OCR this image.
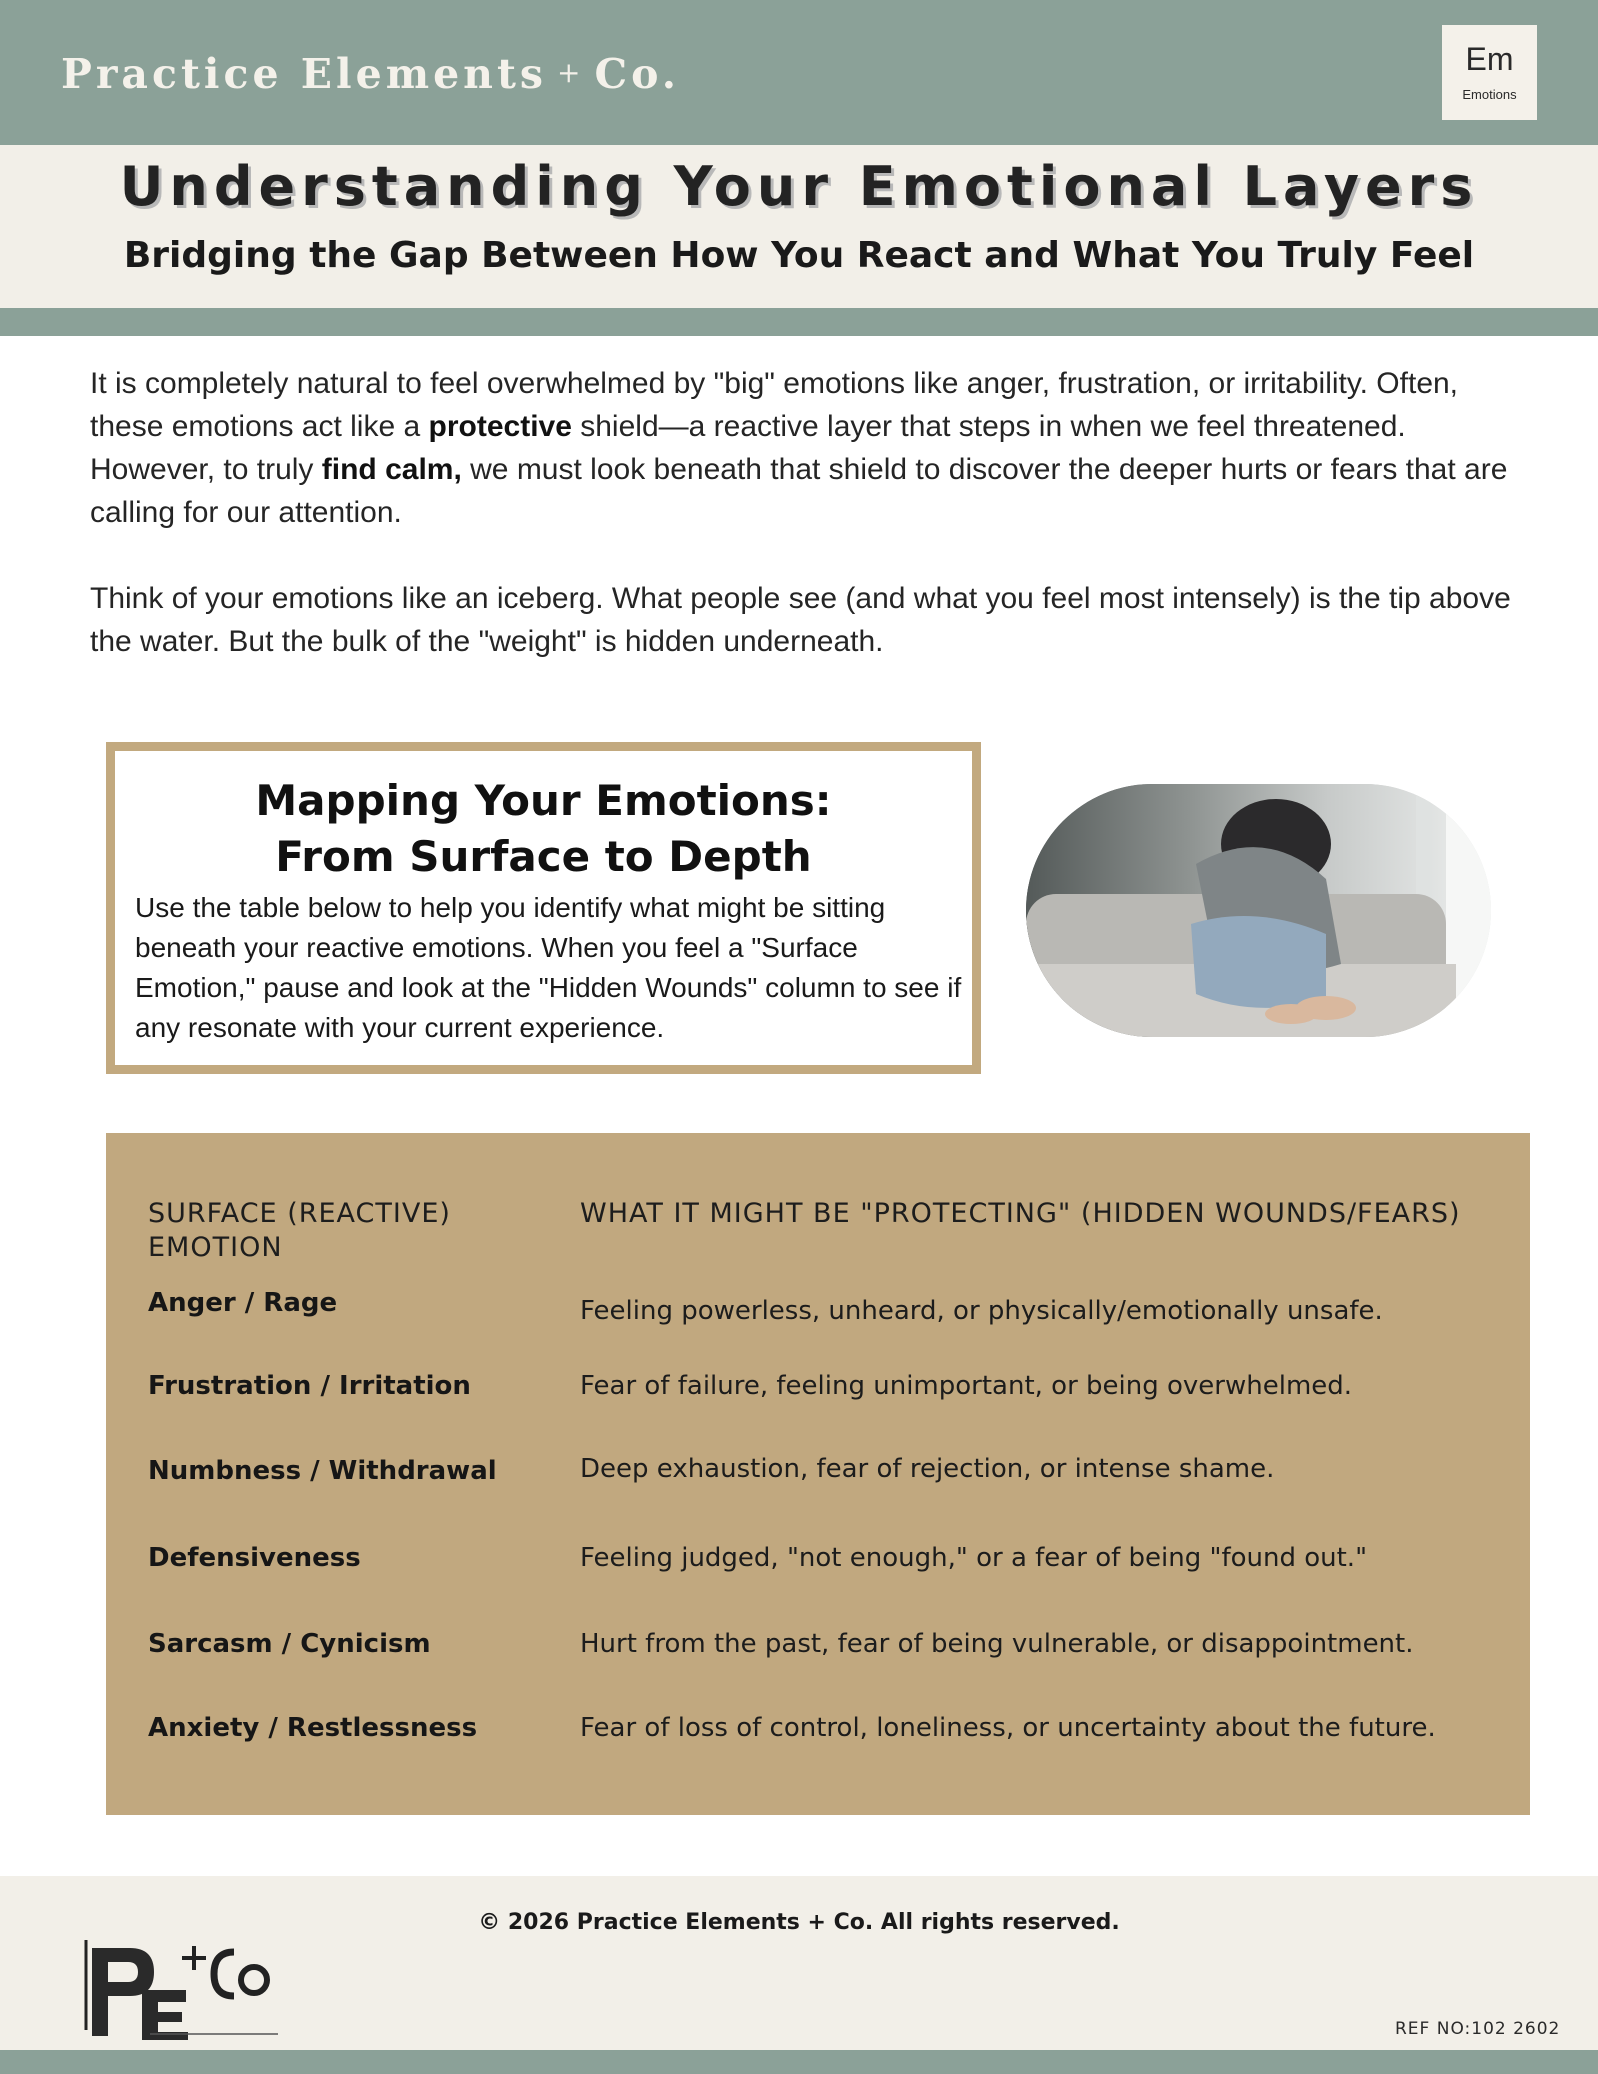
Practice Elements + Co.	Em
Emotions
Understanding Your Emotional Layers
Bridging the Gap Between How You React and What You Truly Feel

It is completely natural to feel overwhelmed by "big" emotions like anger, frustration, or irritability. Often, these emotions act like a protective shield—a reactive layer that steps in when we feel threatened. However, to truly find calm, we must look beneath that shield to discover the deeper hurts or fears that are calling for our attention.

Think of your emotions like an iceberg. What people see (and what you feel most intensely) is the tip above the water. But the bulk of the "weight" is hidden underneath.

Mapping Your Emotions:
From Surface to Depth
Use the table below to help you identify what might be sitting beneath your reactive emotions. When you feel a "Surface Emotion," pause and look at the "Hidden Wounds" column to see if any resonate with your current experience.
SURFACE (REACTIVE) EMOTION
WHAT IT MIGHT BE "PROTECTING" (HIDDEN WOUNDS/FEARS)
Anger / Rage	Feeling powerless, unheard, or physically/emotionally unsafe.
Frustration / Irritation	Fear of failure, feeling unimportant, or being overwhelmed.
Numbness / Withdrawal	Deep exhaustion, fear of rejection, or intense shame.
Defensiveness	Feeling judged, "not enough," or a fear of being "found out."
Sarcasm / Cynicism	Hurt from the past, fear of being vulnerable, or disappointment.
Anxiety / Restlessness	Fear of loss of control, loneliness, or uncertainty about the future.
© 2026 Practice Elements + Co. All rights reserved.
REF NO:102 2602
